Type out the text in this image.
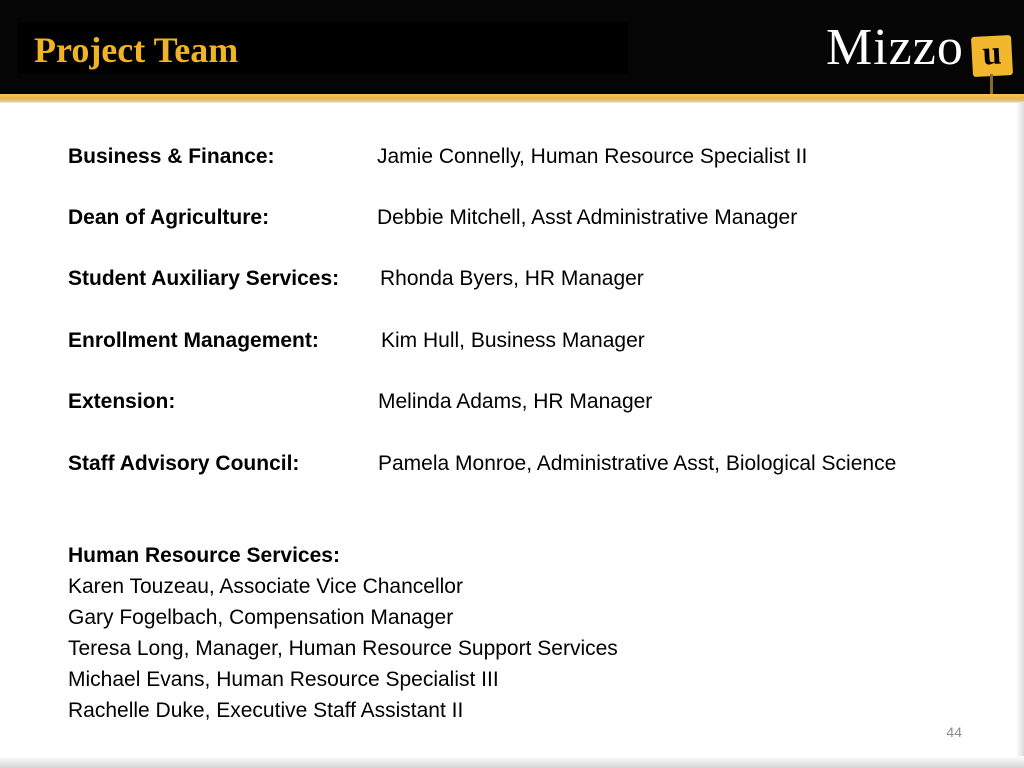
Project Team	Mizzo u
Business & Finance:	Jamie Connelly, Human Resource Specialist II
Dean of Agriculture:	Debbie Mitchell, Asst Administrative Manager
Student Auxiliary Services: Rhonda Byers, HR Manager
Enrollment Management:	Kim Hull, Business Manager
Extension:	Melinda Adams, HR Manager
Staff Advisory Council:	Pamela Monroe, Administrative Asst, Biological Science
Human Resource Services:
Karen Touzeau, Associate Vice Chancellor
Gary Fogelbach, Compensation Manager
Teresa Long, Manager, Human Resource Support Services
Michael Evans, Human Resource Specialist III
Rachelle Duke, Executive Staff Assistant II
44
